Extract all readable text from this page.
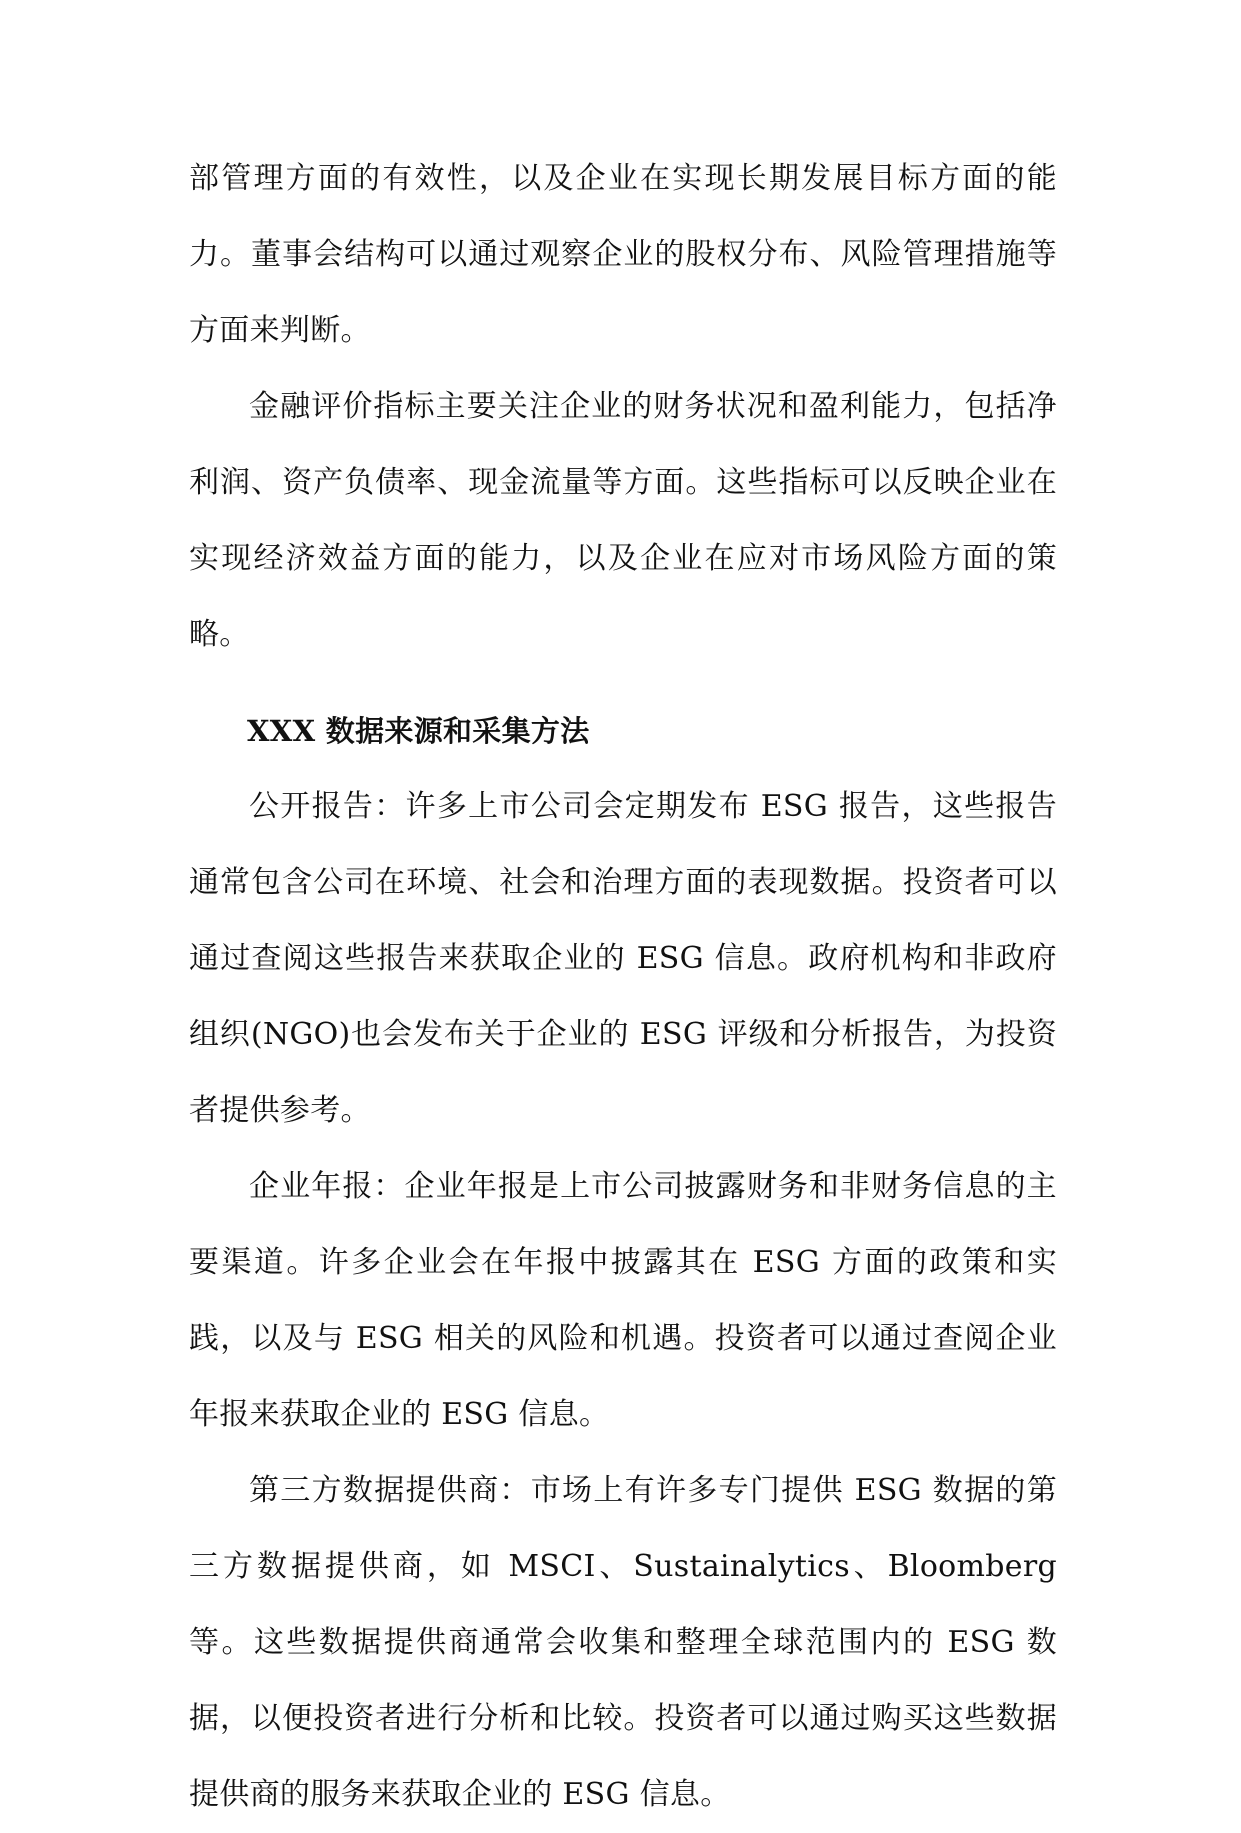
部管理方面的有效性，以及企业在实现长期发展目标方面的能力。董事会结构可以通过观察企业的股权分布、风险管理措施等方面来判断。

金融评价指标主要关注企业的财务状况和盈利能力，包括净利润、资产负债率、现金流量等方面。这些指标可以反映企业在实现经济效益方面的能力，以及企业在应对市场风险方面的策略。

XXX 数据来源和采集方法

公开报告：许多上市公司会定期发布 ESG 报告，这些报告通常包含公司在环境、社会和治理方面的表现数据。投资者可以通过查阅这些报告来获取企业的 ESG 信息。政府机构和非政府组织(NGO)也会发布关于企业的 ESG 评级和分析报告，为投资者提供参考。

企业年报：企业年报是上市公司披露财务和非财务信息的主要渠道。许多企业会在年报中披露其在 ESG 方面的政策和实践，以及与 ESG 相关的风险和机遇。投资者可以通过查阅企业年报来获取企业的 ESG 信息。

第三方数据提供商：市场上有许多专门提供 ESG 数据的第三方数据提供商，如 MSCI、Sustainalytics、Bloomberg 等。这些数据提供商通常会收集和整理全球范围内的 ESG 数据，以便投资者进行分析和比较。投资者可以通过购买这些数据提供商的服务来获取企业的 ESG 信息。
